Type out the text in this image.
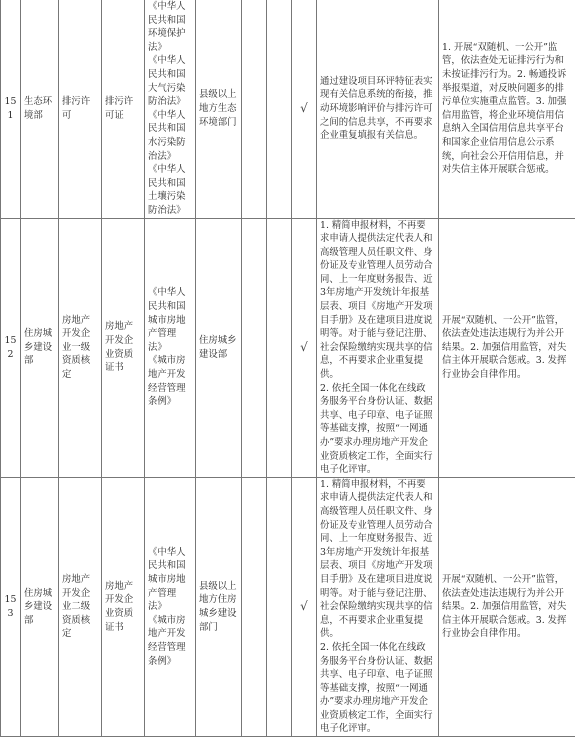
151	生态环境部	排污许可	排污许可证	《中华人民共和国环境保护法》
《中华人民共和国大气污染防治法》
《中华人民共和国水污染防治法》
《中华人民共和国土壤污染防治法》	县级以上地方生态环境部门			√	通过建设项目环评特征表实现有关信息系统的衔接，推动环境影响评价与排污许可之间的信息共享，不再要求企业重复填报有关信息。	1. 开展“双随机、一公开”监管，依法查处无证排污行为和未按证排污行为。2. 畅通投诉举报渠道，对反映问题多的排污单位实施重点监管。3. 加强信用监管，将企业环境信用信息纳入全国信用信息共享平台和国家企业信用信息公示系统，向社会公开信用信息，并对失信主体开展联合惩戒。
152	住房城乡建设部	房地产开发企业一级资质核定	房地产开发企业资质证书	《中华人民共和国城市房地产管理法》
《城市房地产开发经营管理条例》	住房城乡建设部			√	1. 精简申报材料，不再要求申请人提供法定代表人和高级管理人员任职文件、身份证及专业管理人员劳动合同、上一年度财务报告、近3年房地产开发统计年报基层表、项目《房地产开发项目手册》及在建项目进度说明等。对于能与登记注册、社会保险缴纳实现共享的信息，不再要求企业重复提供。
2. 依托全国一体化在线政务服务平台身份认证、数据共享、电子印章、电子证照等基础支撑，按照“一网通办”要求办理房地产开发企业资质核定工作，全面实行电子化评审。	开展“双随机、一公开”监管，依法查处违法违规行为并公开结果。2. 加强信用监管，对失信主体开展联合惩戒。3. 发挥行业协会自律作用。
153	住房城乡建设部	房地产开发企业二级资质核定	房地产开发企业资质证书	《中华人民共和国城市房地产管理法》
《城市房地产开发经营管理条例》	县级以上地方住房城乡建设部门			√	1. 精简申报材料，不再要求申请人提供法定代表人和高级管理人员任职文件、身份证及专业管理人员劳动合同、上一年度财务报告、近3年房地产开发统计年报基层表、项目《房地产开发项目手册》及在建项目进度说明等。对于能与登记注册、社会保险缴纳实现共享的信息，不再要求企业重复提供。
2. 依托全国一体化在线政务服务平台身份认证、数据共享、电子印章、电子证照等基础支撑，按照“一网通办”要求办理房地产开发企业资质核定工作，全面实行电子化评审。	开展“双随机、一公开”监管，依法查处违法违规行为并公开结果。2. 加强信用监管，对失信主体开展联合惩戒。3. 发挥行业协会自律作用。
